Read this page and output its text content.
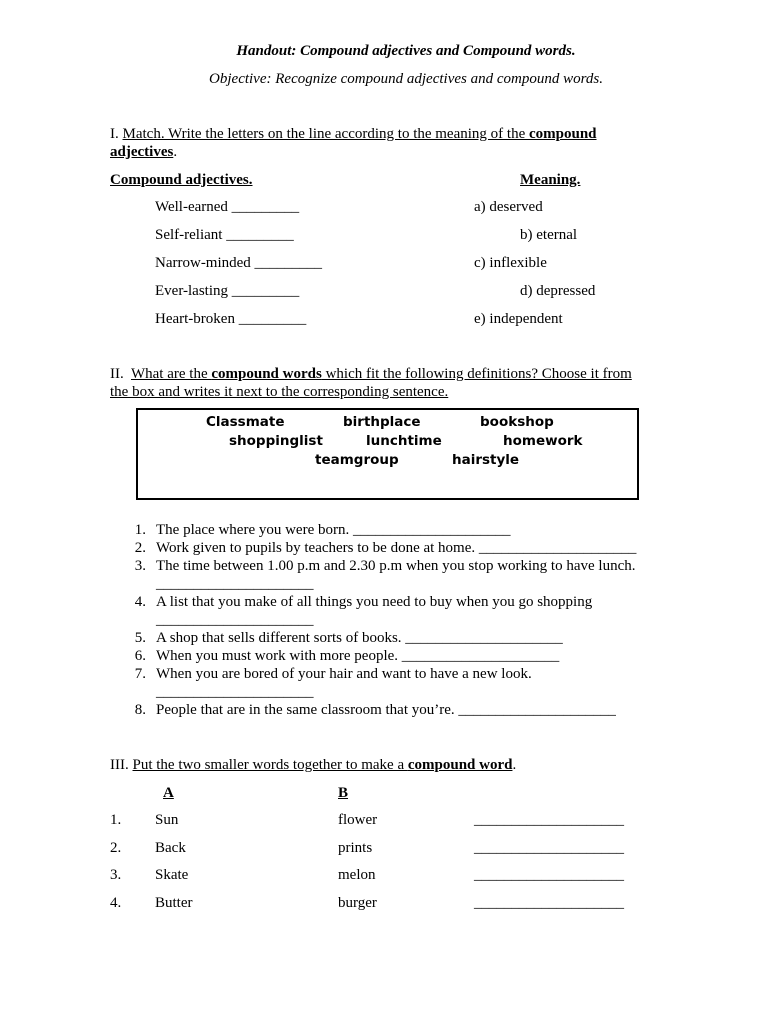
Handout: Compound adjectives and Compound words.
Objective: Recognize compound adjectives and compound words.
I. Match. Write the letters on the line according to the meaning of the compound
adjectives.
Compound adjectives.	Meaning.
Well-earned _________	a) deserved
Self-reliant _________	b) eternal
Narrow-minded _________	c) inflexible
Ever-lasting _________	d) depressed
Heart-broken _________	e) independent
II. What are the compound words which fit the following definitions? Choose it from
the box and writes it next to the corresponding sentence.
Classmate	birthplace	bookshop
shoppinglist	lunchtime	homework
teamgroup	hairstyle
1. The place where you were born. _____________________
2. Work given to pupils by teachers to be done at home. _____________________
3. The time between 1.00 p.m and 2.30 p.m when you stop working to have lunch.
_____________________
4. A list that you make of all things you need to buy when you go shopping
_____________________
5. A shop that sells different sorts of books. _____________________
6. When you must work with more people. _____________________
7. When you are bored of your hair and want to have a new look.
_____________________
8. People that are in the same classroom that you’re. _____________________
III. Put the two smaller words together to make a compound word.
A	B
1. Sun	flower	____________________
2. Back	prints	____________________
3. Skate	melon	____________________
4. Butter	burger	____________________
